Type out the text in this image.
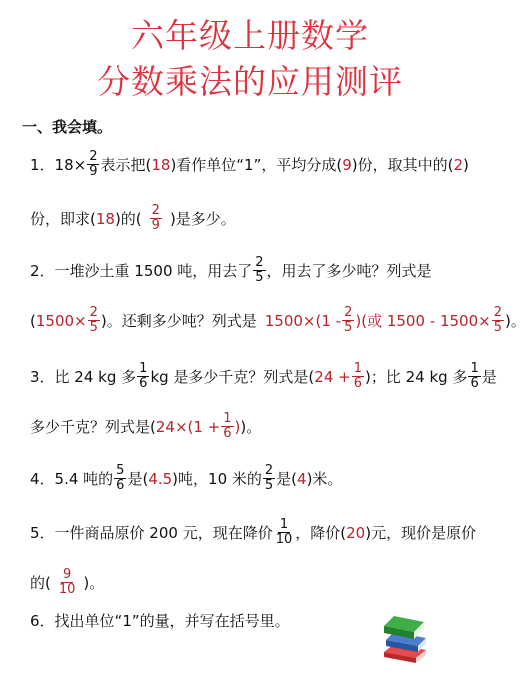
六年级上册数学
分数乘法的应用测评
一、我会填。
1．$18\times \frac{2}{9}$ 表示把( 18 )看作单位“1”，平均分成( 9 )份，取其中的( 2 )
份，即求( 18 )的( $\frac{2}{9}$ )是多少。
2．一堆沙土重 1500 吨，用去了 $\frac{2}{5}$ ，用去了多少吨？列式是
( $1500\times \frac{2}{5}$ )。还剩多少吨？列式是 $1500\times(1 - \frac{2}{5}$ )(或 $1500 - 1500\times \frac{2}{5}$ )。
3．比 24 kg 多 $\frac{1}{6}$ kg 是多少千克？列式是( $24 + \frac{1}{6}$ )；比 24 kg 多 $\frac{1}{6}$ 是
多少千克？列式是( $24\times(1 + \frac{1}{6}$ ) )。
4．5.4 吨的 $\frac{5}{6}$ 是( 4.5 )吨，10 米的 $\frac{2}{5}$ 是( 4 )米。
5．一件商品原价 200 元，现在降价 $\frac{1}{10}$ ，降价( 20 )元，现价是原价
的( $\frac{9}{10}$ )。
6．找出单位“1”的量，并写在括号里。
